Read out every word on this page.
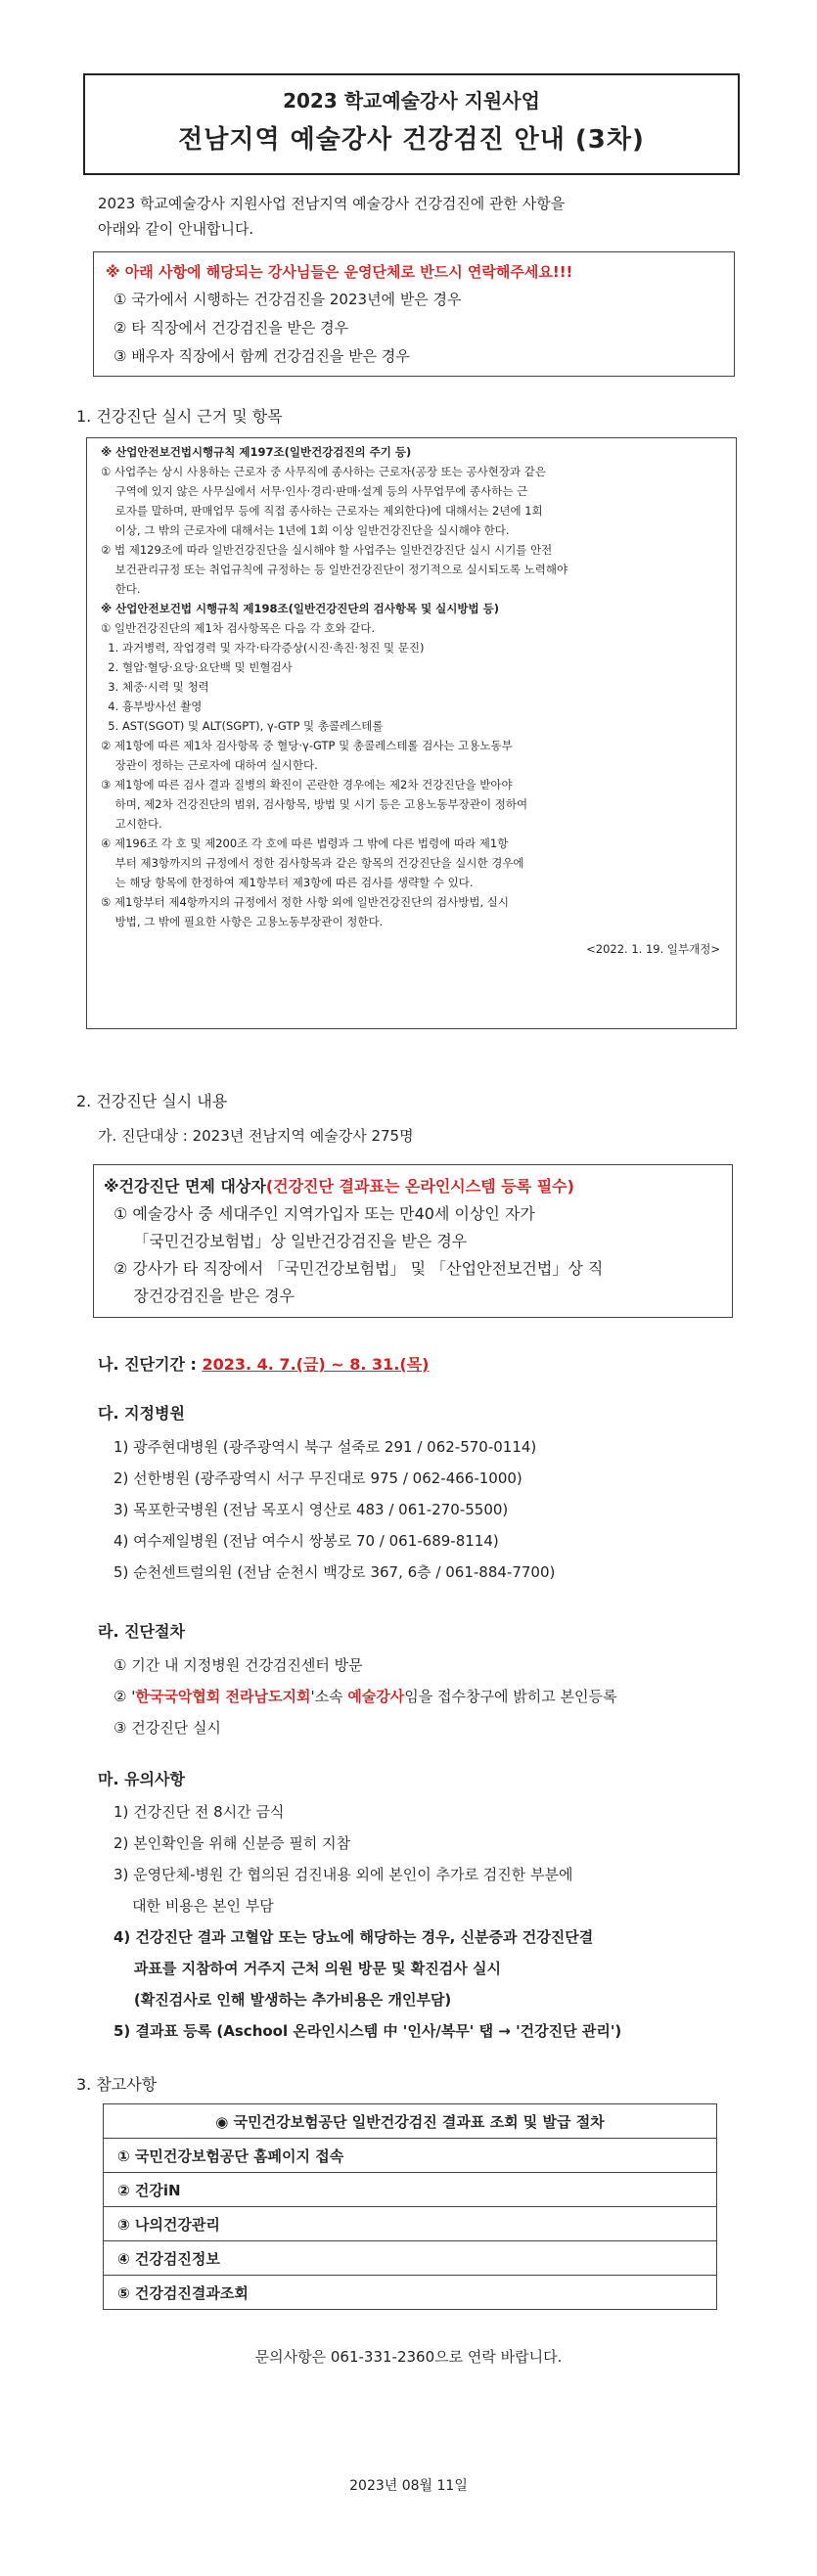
2023 학교예술강사 지원사업
전남지역 예술강사 건강검진 안내 (3차)
2023 학교예술강사 지원사업 전남지역 예술강사 건강검진에 관한 사항을
아래와 같이 안내합니다.
※ 아래 사항에 해당되는 강사님들은 운영단체로 반드시 연락해주세요!!!
① 국가에서 시행하는 건강검진을 2023년에 받은 경우
② 타 직장에서 건강검진을 받은 경우
③ 배우자 직장에서 함께 건강검진을 받은 경우
1. 건강진단 실시 근거 및 항목
※ 산업안전보건법시행규칙 제197조(일반건강검진의 주기 등)
① 사업주는 상시 사용하는 근로자 중 사무직에 종사하는 근로자(공장 또는 공사현장과 같은
구역에 있지 않은 사무실에서 서무·인사·경리·판매·설계 등의 사무업무에 종사하는 근
로자를 말하며, 판매업무 등에 직접 종사하는 근로자는 제외한다)에 대해서는 2년에 1회
이상, 그 밖의 근로자에 대해서는 1년에 1회 이상 일반건강진단을 실시해야 한다.
② 법 제129조에 따라 일반건강진단을 실시해야 할 사업주는 일반건강진단 실시 시기를 안전
보건관리규정 또는 취업규칙에 규정하는 등 일반건강진단이 정기적으로 실시되도록 노력해야
한다.
※ 산업안전보건법 시행규칙 제198조(일반건강진단의 검사항목 및 실시방법 등)
① 일반건강진단의 제1차 검사항목은 다음 각 호와 같다.
1. 과거병력, 작업경력 및 자각·타각증상(시진·촉진·청진 및 문진)
2. 혈압·혈당·요당·요단백 및 빈혈검사
3. 체중·시력 및 청력
4. 흉부방사선 촬영
5. AST(SGOT) 및 ALT(SGPT), γ-GTP 및 총콜레스테롤
② 제1항에 따른 제1차 검사항목 중 혈당·γ-GTP 및 총콜레스테롤 검사는 고용노동부
장관이 정하는 근로자에 대하여 실시한다.
③ 제1항에 따른 검사 결과 질병의 확진이 곤란한 경우에는 제2차 건강진단을 받아야
하며, 제2차 건강진단의 범위, 검사항목, 방법 및 시기 등은 고용노동부장관이 정하여
고시한다.
④ 제196조 각 호 및 제200조 각 호에 따른 법령과 그 밖에 다른 법령에 따라 제1항
부터 제3항까지의 규정에서 정한 검사항목과 같은 항목의 건강진단을 실시한 경우에
는 해당 항목에 한정하여 제1항부터 제3항에 따른 검사를 생략할 수 있다.
⑤ 제1항부터 제4항까지의 규정에서 정한 사항 외에 일반건강진단의 검사방법, 실시
방법, 그 밖에 필요한 사항은 고용노동부장관이 정한다.
<2022. 1. 19. 일부개정>
2. 건강진단 실시 내용
가. 진단대상 : 2023년 전남지역 예술강사 275명
※건강진단 면제 대상자(건강진단 결과표는 온라인시스템 등록 필수)
① 예술강사 중 세대주인 지역가입자 또는 만40세 이상인 자가
「국민건강보험법」상 일반건강검진을 받은 경우
② 강사가 타 직장에서 「국민건강보험법」 및 「산업안전보건법」상 직
장건강검진을 받은 경우
나. 진단기간 : 2023. 4. 7.(금) ~ 8. 31.(목)
다. 지정병원
1) 광주현대병원 (광주광역시 북구 설죽로 291 / 062-570-0114)
2) 선한병원 (광주광역시 서구 무진대로 975 / 062-466-1000)
3) 목포한국병원 (전남 목포시 영산로 483 / 061-270-5500)
4) 여수제일병원 (전남 여수시 쌍봉로 70 / 061-689-8114)
5) 순천센트럴의원 (전남 순천시 백강로 367, 6층 / 061-884-7700)
라. 진단절차
① 기간 내 지정병원 건강검진센터 방문
② '한국국악협회 전라남도지회'소속 예술강사임을 접수창구에 밝히고 본인등록
③ 건강진단 실시
마. 유의사항
1) 건강진단 전 8시간 금식
2) 본인확인을 위해 신분증 필히 지참
3) 운영단체-병원 간 협의된 검진내용 외에 본인이 추가로 검진한 부분에
대한 비용은 본인 부담
4) 건강진단 결과 고혈압 또는 당뇨에 해당하는 경우, 신분증과 건강진단결
과표를 지참하여 거주지 근처 의원 방문 및 확진검사 실시
(확진검사로 인해 발생하는 추가비용은 개인부담)
5) 결과표 등록 (Aschool 온라인시스템 中 '인사/복무' 탭 → '건강진단 관리')
3. 참고사항
◉ 국민건강보험공단 일반건강검진 결과표 조회 및 발급 절차
① 국민건강보험공단 홈페이지 접속
② 건강iN
③ 나의건강관리
④ 건강검진정보
⑤ 건강검진결과조회
문의사항은 061-331-2360으로 연락 바랍니다.
2023년 08월 11일
